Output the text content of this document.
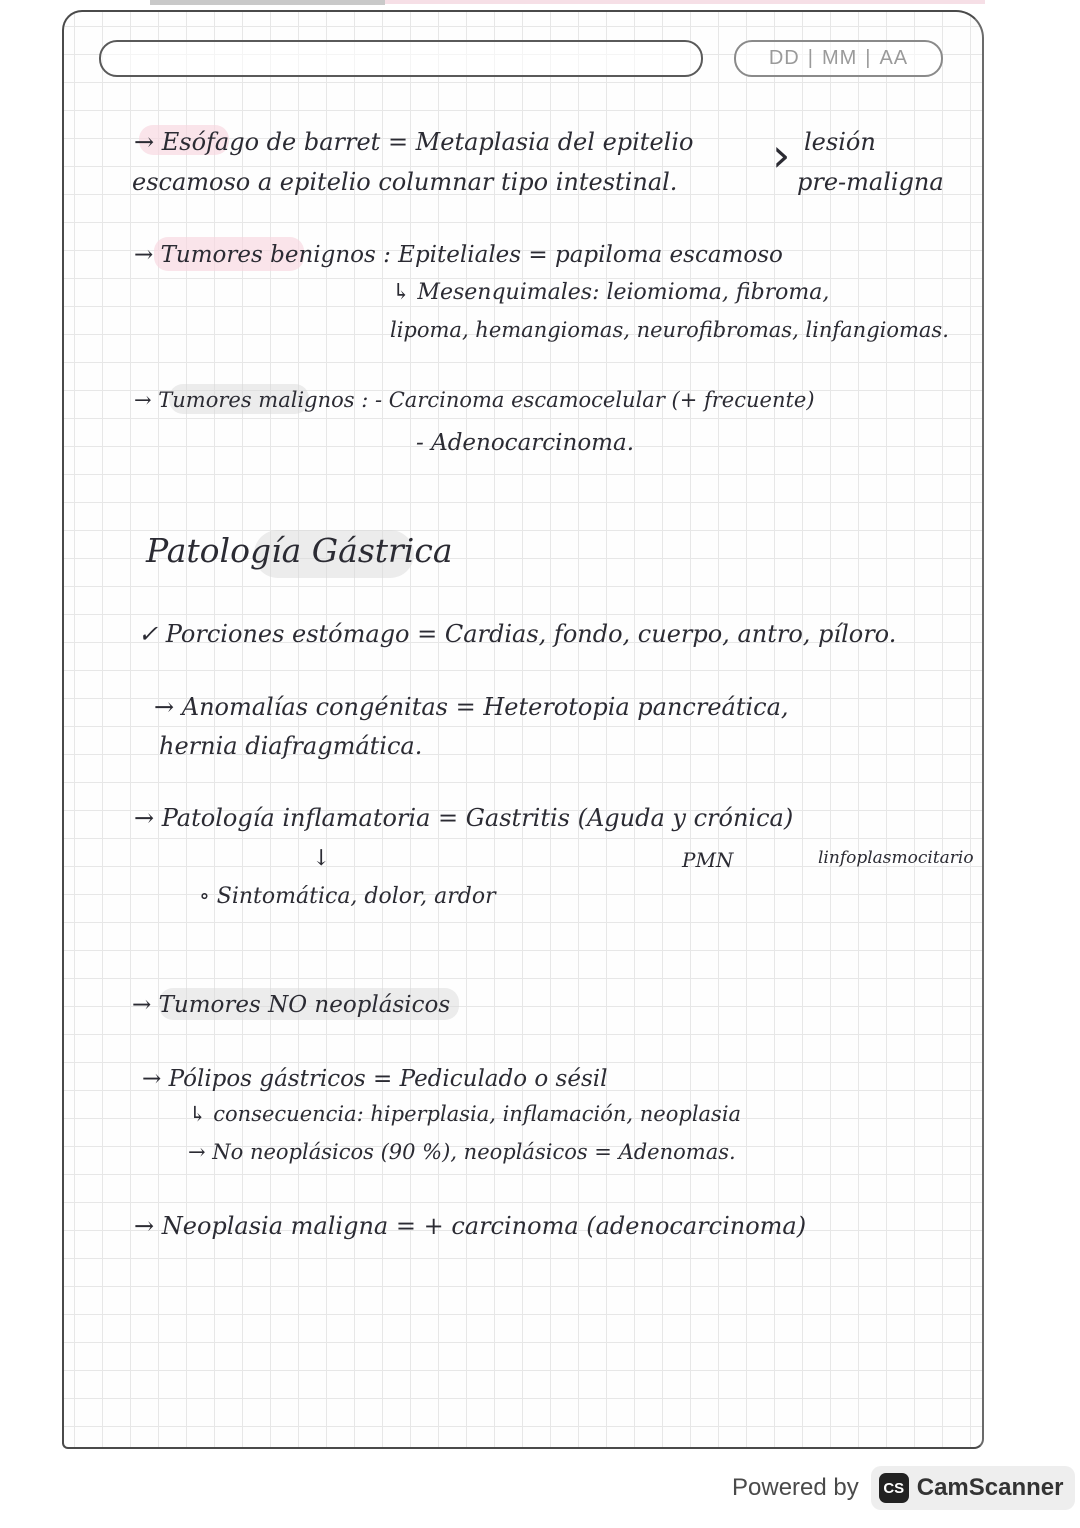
DD | MM | AA
→ Esófago de barret = Metaplasia del epitelio
escamoso a epitelio columnar tipo intestinal. › lesión
pre-maligna
→ Tumores benignos : Epiteliales = papiloma escamoso
↳ Mesenquimales: leiomioma, fibroma,
lipoma, hemangiomas, neurofibromas, linfangiomas.
→ Tumores malignos : - Carcinoma escamocelular (+ frecuente)
- Adenocarcinoma.
Patología Gástrica
✓ Porciones estómago = Cardias, fondo, cuerpo, antro, píloro.
→ Anomalías congénitas = Heterotopia pancreática,
hernia diafragmática.
→ Patología inflamatoria = Gastritis (Aguda y crónica)
↓	PMN	linfoplasmocitario
∘ Sintomática, dolor, ardor
→ Tumores NO neoplásicos
→ Pólipos gástricos = Pediculado o sésil
↳ consecuencia: hiperplasia, inflamación, neoplasia
→ No neoplásicos (90 %), neoplásicos = Adenomas.
→ Neoplasia maligna = + carcinoma (adenocarcinoma)
Powered by	CS CamScanner
